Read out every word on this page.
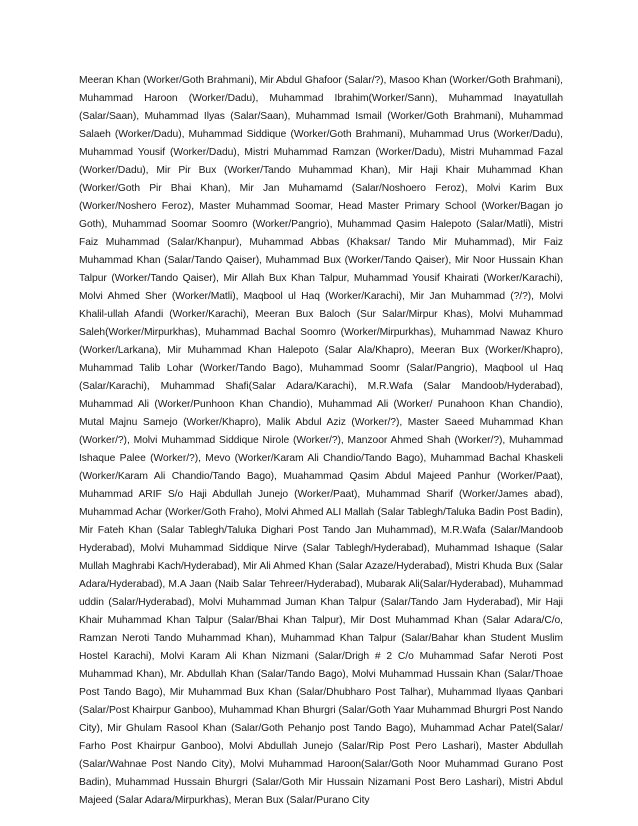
Meeran Khan (Worker/Goth Brahmani), Mir Abdul Ghafoor (Salar/?), Masoo Khan (Worker/Goth Brahmani), Muhammad Haroon (Worker/Dadu), Muhammad Ibrahim(Worker/Sann), Muhammad Inayatullah (Salar/Saan), Muhammad Ilyas (Salar/Saan), Muhammad Ismail (Worker/Goth Brahmani), Muhammad Salaeh (Worker/Dadu), Muhammad Siddique (Worker/Goth Brahmani), Muhammad Urus (Worker/Dadu), Muhammad Yousif (Worker/Dadu), Mistri Muhammad Ramzan (Worker/Dadu), Mistri Muhammad Fazal (Worker/Dadu), Mir Pir Bux (Worker/Tando Muhammad Khan), Mir Haji Khair Muhammad Khan (Worker/Goth Pir Bhai Khan), Mir Jan Muhamamd (Salar/Noshoero Feroz), Molvi Karim Bux (Worker/Noshero Feroz), Master Muhammad Soomar, Head Master Primary School (Worker/Bagan jo Goth), Muhammad Soomar Soomro (Worker/Pangrio), Muhammad Qasim Halepoto (Salar/Matli), Mistri Faiz Muhammad (Salar/Khanpur), Muhammad Abbas (Khaksar/ Tando Mir Muhammad), Mir Faiz Muhammad Khan (Salar/Tando Qaiser), Muhammad Bux (Worker/Tando Qaiser), Mir Noor Hussain Khan Talpur (Worker/Tando Qaiser), Mir Allah Bux Khan Talpur, Muhammad Yousif Khairati (Worker/Karachi), Molvi Ahmed Sher (Worker/Matli), Maqbool ul Haq (Worker/Karachi), Mir Jan Muhammad (?/?), Molvi Khalil-ullah Afandi (Worker/Karachi), Meeran Bux Baloch (Sur Salar/Mirpur Khas), Molvi Muhammad Saleh(Worker/Mirpurkhas), Muhammad Bachal Soomro (Worker/Mirpurkhas), Muhammad Nawaz Khuro (Worker/Larkana), Mir Muhammad Khan Halepoto (Salar Ala/Khapro), Meeran Bux (Worker/Khapro), Muhammad Talib Lohar (Worker/Tando Bago), Muhammad Soomr (Salar/Pangrio), Maqbool ul Haq (Salar/Karachi), Muhammad Shafi(Salar Adara/Karachi), M.R.Wafa (Salar Mandoob/Hyderabad), Muhammad Ali (Worker/Punhoon Khan Chandio), Muhammad Ali (Worker/ Punahoon Khan Chandio), Mutal Majnu Samejo (Worker/Khapro), Malik Abdul Aziz (Worker/?), Master Saeed Muhammad Khan (Worker/?), Molvi Muhammad Siddique Nirole (Worker/?), Manzoor Ahmed Shah (Worker/?), Muhammad Ishaque Palee (Worker/?), Mevo (Worker/Karam Ali Chandio/Tando Bago), Muhammad Bachal Khaskeli (Worker/Karam Ali Chandio/Tando Bago), Muahammad Qasim Abdul Majeed Panhur (Worker/Paat), Muhammad ARIF S/o Haji Abdullah Junejo (Worker/Paat), Muhammad Sharif (Worker/James abad), Muhammad Achar (Worker/Goth Fraho), Molvi Ahmed ALI Mallah (Salar Tablegh/Taluka Badin Post Badin), Mir Fateh Khan (Salar Tablegh/Taluka Dighari Post Tando Jan Muhammad), M.R.Wafa (Salar/Mandoob Hyderabad), Molvi Muhammad Siddique Nirve (Salar Tablegh/Hyderabad), Muhammad Ishaque (Salar Mullah Maghrabi Kach/Hyderabad), Mir Ali Ahmed Khan (Salar Azaze/Hyderabad), Mistri Khuda Bux (Salar Adara/Hyderabad), M.A Jaan (Naib Salar Tehreer/Hyderabad), Mubarak Ali(Salar/Hyderabad), Muhammad uddin (Salar/Hyderabad), Molvi Muhammad Juman Khan Talpur (Salar/Tando Jam Hyderabad), Mir Haji Khair Muhammad Khan Talpur (Salar/Bhai Khan Talpur), Mir Dost Muhammad Khan (Salar Adara/C/o, Ramzan Neroti Tando Muhammad Khan), Muhammad Khan Talpur (Salar/Bahar khan Student Muslim Hostel Karachi), Molvi Karam Ali Khan Nizmani (Salar/Drigh # 2 C/o Muhammad Safar Neroti Post Muhammad Khan), Mr. Abdullah Khan (Salar/Tando Bago), Molvi Muhammad Hussain Khan (Salar/Thoae Post Tando Bago), Mir Muhammad Bux Khan (Salar/Dhubharo Post Talhar), Muhammad Ilyaas Qanbari (Salar/Post Khairpur Ganboo), Muhammad Khan Bhurgri (Salar/Goth Yaar Muhammad Bhurgri Post Nando City), Mir Ghulam Rasool Khan (Salar/Goth Pehanjo post Tando Bago), Muhammad Achar Patel(Salar/ Farho Post Khairpur Ganboo), Molvi Abdullah Junejo (Salar/Rip Post Pero Lashari), Master Abdullah (Salar/Wahnae Post Nando City), Molvi Muhammad Haroon(Salar/Goth Noor Muhammad Gurano Post Badin), Muhammad Hussain Bhurgri (Salar/Goth Mir Hussain Nizamani Post Bero Lashari), Mistri Abdul Majeed (Salar Adara/Mirpurkhas), Meran Bux (Salar/Purano City
